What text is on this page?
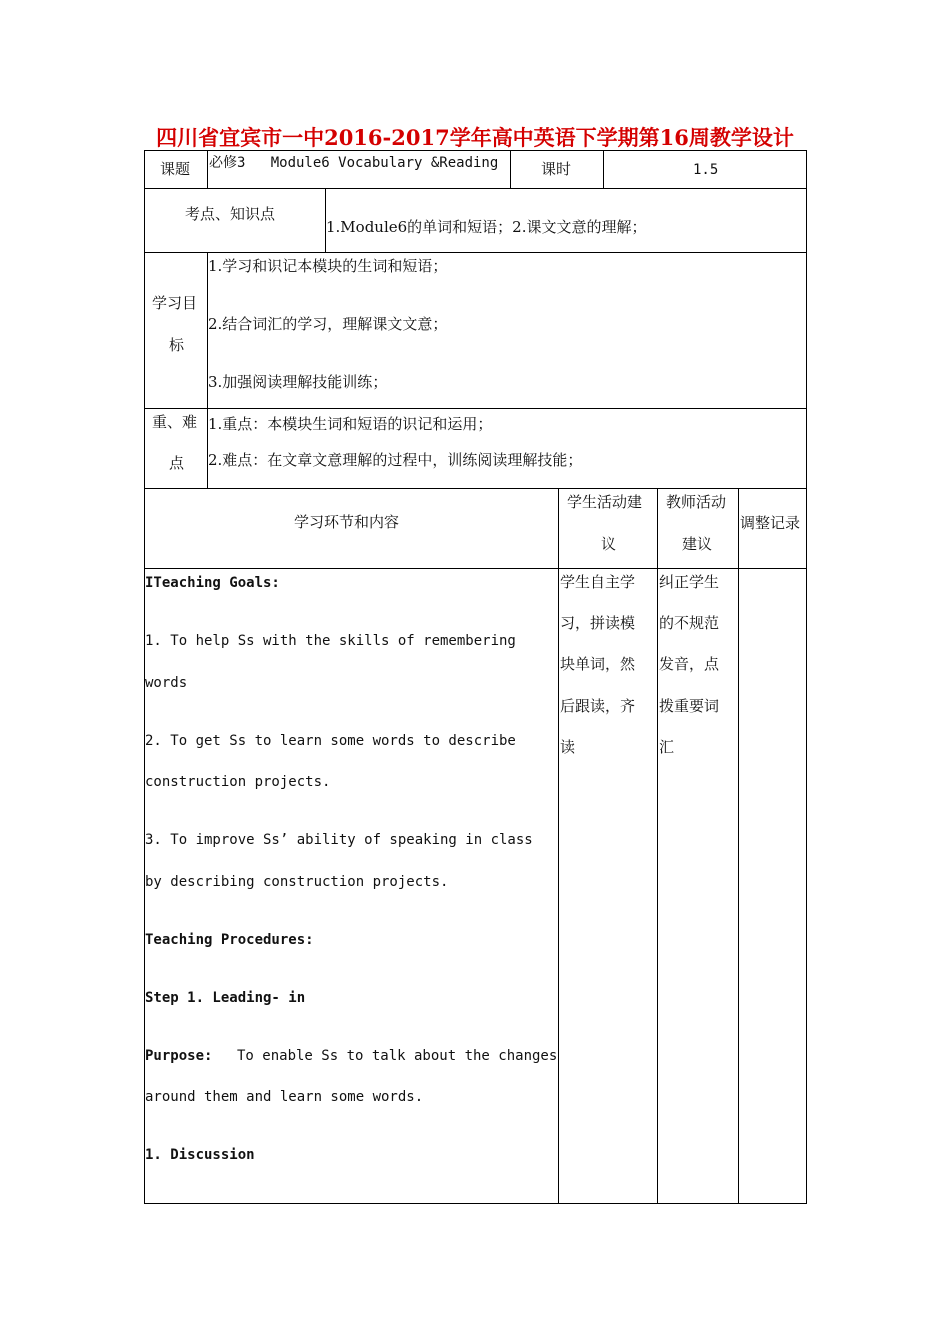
四川省宜宾市一中2016-2017学年高中英语下学期第16周教学设计
课题 必修3   Module6 Vocabulary &Reading	课时	1.5
考点、知识点
1.Module6的单词和短语；2.课文文意的理解；
学习目
标
1.学习和识记本模块的生词和短语；
2.结合词汇的学习，理解课文文意；
3.加强阅读理解技能训练；
重、难
点
1.重点：本模块生词和短语的识记和运用；
2.难点：在文章文意理解的过程中，训练阅读理解技能；
学习环节和内容
学生活动建
议
教师活动
建议
调整记录
ITeaching Goals:
1. To help Ss with the skills of remembering
words
2. To get Ss to learn some words to describe
construction projects.
3. To improve Ss’ ability of speaking in class
by describing construction projects.
Teaching Procedures:
Step 1. Leading- in
Purpose: To enable Ss to talk about the changes
around them and learn some words.
1. Discussion
学生自主学
习，拼读模
块单词，然
后跟读，齐
读
纠正学生
的不规范
发音，点
拨重要词
汇
